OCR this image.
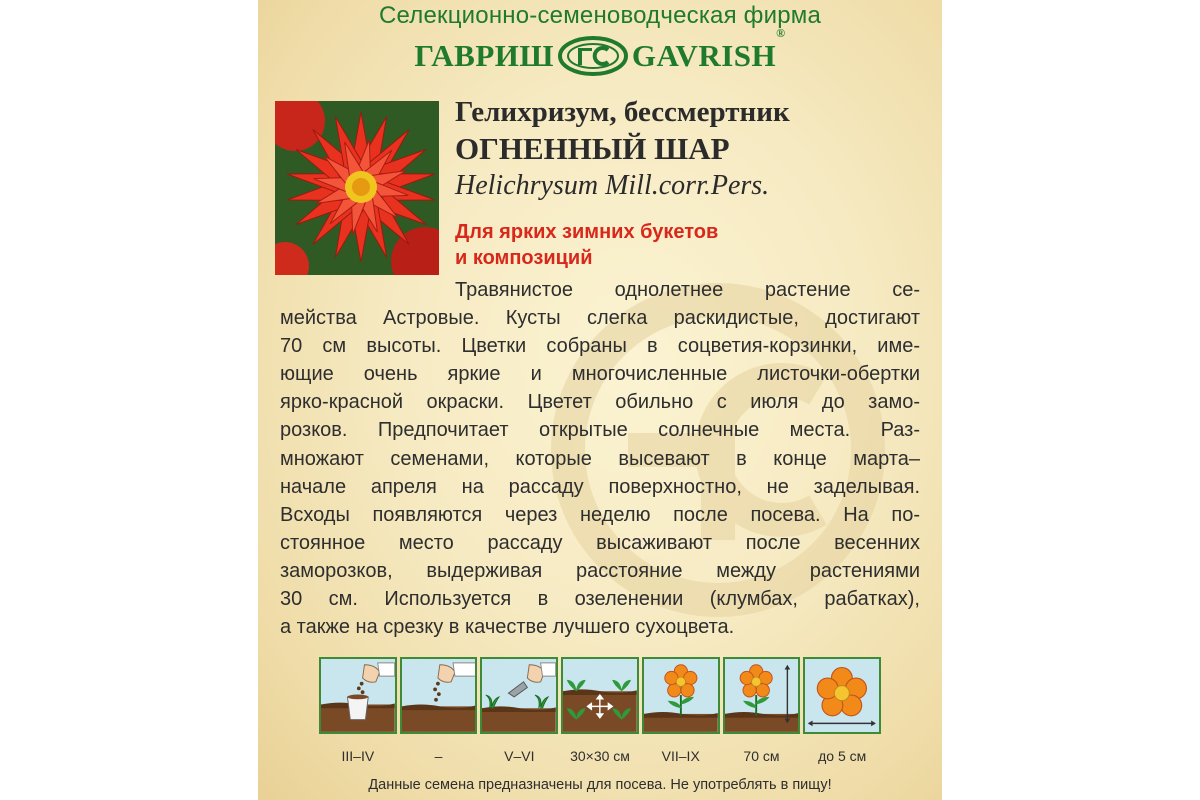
Селекционно-семеноводческая фирма
ГАВРИШ	GAVRISH®
Гелихризум, бессмертник
ОГНЕННЫЙ ШАР
Helichrysum Mill.corr.Pers.
Для ярких зимних букетов
и композиций
Травянистое однолетнее растение се-
мейства Астровые. Кусты слегка раскидистые, достигают
70 см высоты. Цветки собраны в соцветия-корзинки, име-
ющие очень яркие и многочисленные листочки-обертки
ярко-красной окраски. Цветет обильно с июля до замо-
розков. Предпочитает открытые солнечные места. Раз-
множают семенами, которые высевают в конце марта–
начале апреля на рассаду поверхностно, не заделывая.
Всходы появляются через неделю после посева. На по-
стоянное место рассаду высаживают после весенних
заморозков, выдерживая расстояние между растениями
30 см. Используется в озеленении (клумбах, рабатках),
а также на срезку в качестве лучшего сухоцвета.
III–IV	–	V–VI	30×30 см	VII–IX	70 см	до 5 см
Данные семена предназначены для посева. Не употреблять в пищу!
